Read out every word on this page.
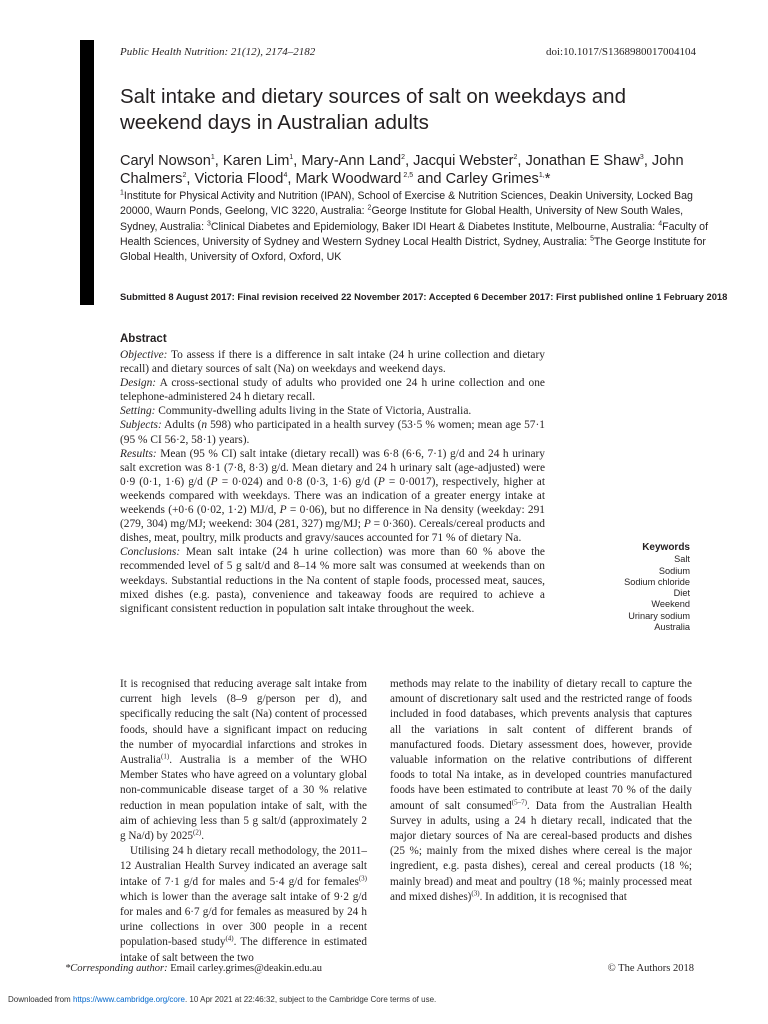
Public Health Nutrition: 21(12), 2174–2182	doi:10.1017/S1368980017004104
Salt intake and dietary sources of salt on weekdays and weekend days in Australian adults
Caryl Nowson$^1$, Karen Lim$^1$, Mary-Ann Land$^2$, Jacqui Webster$^2$, Jonathan E Shaw$^3$, John Chalmers$^2$, Victoria Flood$^4$, Mark Woodward $^{2,5}$ and Carley Grimes$^{1,}$*
$^1$Institute for Physical Activity and Nutrition (IPAN), School of Exercise & Nutrition Sciences, Deakin University, Locked Bag 20000, Waurn Ponds, Geelong, VIC 3220, Australia: $^2$George Institute for Global Health, University of New South Wales, Sydney, Australia: $^3$Clinical Diabetes and Epidemiology, Baker IDI Heart & Diabetes Institute, Melbourne, Australia: $^4$Faculty of Health Sciences, University of Sydney and Western Sydney Local Health District, Sydney, Australia: $^5$The George Institute for Global Health, University of Oxford, Oxford, UK
Submitted 8 August 2017: Final revision received 22 November 2017: Accepted 6 December 2017: First published online 1 February 2018
Abstract

Objective: To assess if there is a difference in salt intake (24 h urine collection and dietary recall) and dietary sources of salt (Na) on weekdays and weekend days.

Design: A cross-sectional study of adults who provided one 24 h urine collection and one telephone-administered 24 h dietary recall.

Setting: Community-dwelling adults living in the State of Victoria, Australia.

Subjects: Adults (n 598) who participated in a health survey (53·5 % women; mean age 57·1 (95 % CI 56·2, 58·1) years).

Results: Mean (95 % CI) salt intake (dietary recall) was 6·8 (6·6, 7·1) g/d and 24 h urinary salt excretion was 8·1 (7·8, 8·3) g/d. Mean dietary and 24 h urinary salt (age-adjusted) were 0·9 (0·1, 1·6) g/d (P = 0·024) and 0·8 (0·3, 1·6) g/d (P = 0·0017), respectively, higher at weekends compared with weekdays. There was an indication of a greater energy intake at weekends (+0·6 (0·02, 1·2) MJ/d, P = 0·06), but no difference in Na density (weekday: 291 (279, 304) mg/MJ; weekend: 304 (281, 327) mg/MJ; P = 0·360). Cereals/cereal products and dishes, meat, poultry, milk products and gravy/sauces accounted for 71 % of dietary Na.

Conclusions: Mean salt intake (24 h urine collection) was more than 60 % above the recommended level of 5 g salt/d and 8–14 % more salt was consumed at weekends than on weekdays. Substantial reductions in the Na content of staple foods, processed meat, sauces, mixed dishes (e.g. pasta), convenience and takeaway foods are required to achieve a significant consistent reduction in population salt intake throughout the week.

Keywords
Salt
Sodium
Sodium chloride
Diet
Weekend
Urinary sodium
Australia

It is recognised that reducing average salt intake from current high levels (8–9 g/person per d), and specifically reducing the salt (Na) content of processed foods, should have a significant impact on reducing the number of myocardial infarctions and strokes in Australia$^{(1)}$. Australia is a member of the WHO Member States who have agreed on a voluntary global non-communicable disease target of a 30 % relative reduction in mean population intake of salt, with the aim of achieving less than 5 g salt/d (approximately 2 g Na/d) by 2025$^{(2)}$.

Utilising 24 h dietary recall methodology, the 2011–12 Australian Health Survey indicated an average salt intake of 7·1 g/d for males and 5·4 g/d for females$^{(3)}$ which is lower than the average salt intake of 9·2 g/d for males and 6·7 g/d for females as measured by 24 h urine collections in over 300 people in a recent population-based study$^{(4)}$. The difference in estimated intake of salt between the two

methods may relate to the inability of dietary recall to capture the amount of discretionary salt used and the restricted range of foods included in food databases, which prevents analysis that captures all the variations in salt content of different brands of manufactured foods. Dietary assessment does, however, provide valuable information on the relative contributions of different foods to total Na intake, as in developed countries manufactured foods have been estimated to contribute at least 70 % of the daily amount of salt consumed$^{(5-7)}$. Data from the Australian Health Survey in adults, using a 24 h dietary recall, indicated that the major dietary sources of Na are cereal-based products and dishes (25 %; mainly from the mixed dishes where cereal is the major ingredient, e.g. pasta dishes), cereal and cereal products (18 %; mainly bread) and meat and poultry (18 %; mainly processed meat and mixed dishes)$^{(3)}$. In addition, it is recognised that

*Corresponding author: Email carley.grimes@deakin.edu.au	© The Authors 2018
Downloaded from https://www.cambridge.org/core. 10 Apr 2021 at 22:46:32, subject to the Cambridge Core terms of use.
